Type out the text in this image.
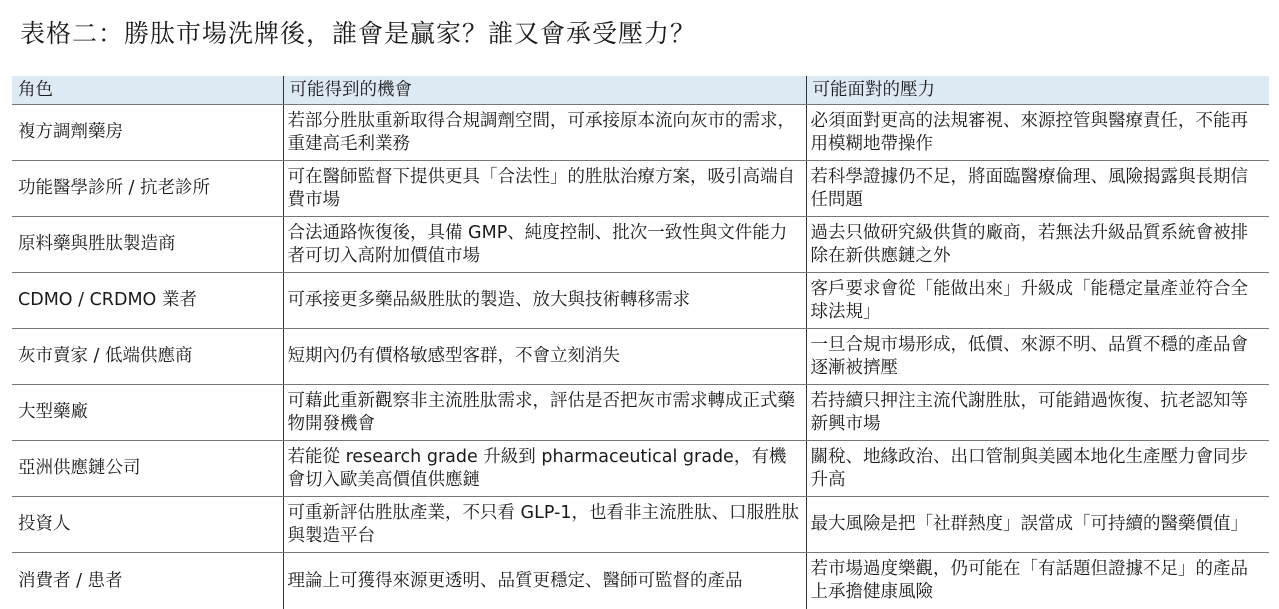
表格二：勝肽市場洗牌後，誰會是贏家？誰又會承受壓力？
角色	可能得到的機會	可能面對的壓力
複方調劑藥房	若部分胜肽重新取得合規調劑空間，可承接原本流向灰市的需求，重建高毛利業務	必須面對更高的法規審視、來源控管與醫療責任，不能再用模糊地帶操作
功能醫學診所 / 抗老診所	可在醫師監督下提供更具「合法性」的胜肽治療方案，吸引高端自費市場	若科學證據仍不足，將面臨醫療倫理、風險揭露與長期信任問題
原料藥與胜肽製造商	合法通路恢復後，具備 GMP、純度控制、批次一致性與文件能力者可切入高附加價值市場	過去只做研究級供貨的廠商，若無法升級品質系統會被排除在新供應鏈之外
CDMO / CRDMO 業者	可承接更多藥品級胜肽的製造、放大與技術轉移需求	客戶要求會從「能做出來」升級成「能穩定量產並符合全球法規」
灰市賣家 / 低端供應商	短期內仍有價格敏感型客群，不會立刻消失	一旦合規市場形成，低價、來源不明、品質不穩的產品會逐漸被擠壓
大型藥廠	可藉此重新觀察非主流胜肽需求，評估是否把灰市需求轉成正式藥物開發機會	若持續只押注主流代謝胜肽，可能錯過恢復、抗老認知等新興市場
亞洲供應鏈公司	若能從 research grade 升級到 pharmaceutical grade，有機會切入歐美高價值供應鏈	關稅、地緣政治、出口管制與美國本地化生產壓力會同步升高
投資人	可重新評估胜肽產業，不只看 GLP-1，也看非主流胜肽、口服胜肽與製造平台	最大風險是把「社群熱度」誤當成「可持續的醫藥價值」
消費者 / 患者	理論上可獲得來源更透明、品質更穩定、醫師可監督的產品	若市場過度樂觀，仍可能在「有話題但證據不足」的產品上承擔健康風險
